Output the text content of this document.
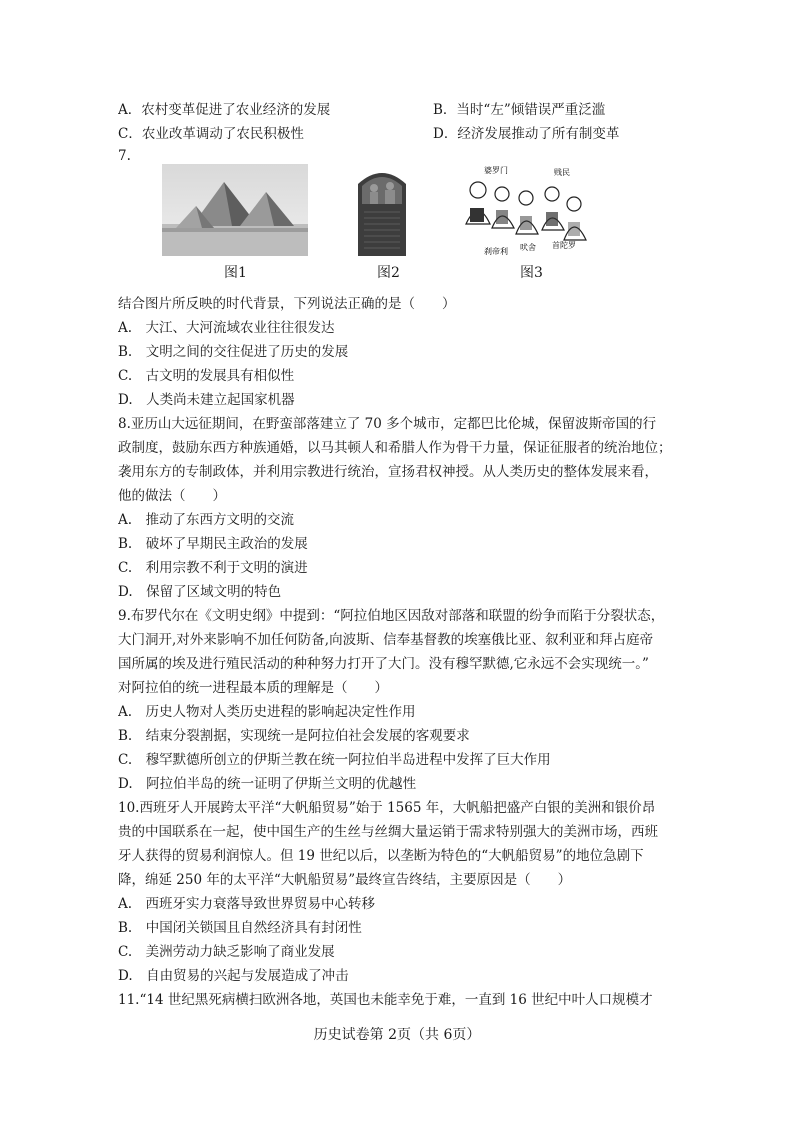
A．农村变革促进了农业经济的发展	B．当时“左”倾错误严重泛滥
C．农业改革调动了农民积极性	D．经济发展推动了所有制变革
7.
婆罗门	贱民
刹帝利 吠舍 首陀罗
图1	图2	图3
结合图片所反映的时代背景，下列说法正确的是（　　）
A.　大江、大河流域农业往往很发达
B.　文明之间的交往促进了历史的发展
C.　古文明的发展具有相似性
D.　人类尚未建立起国家机器
8.亚历山大远征期间，在野蛮部落建立了 70 多个城市，定都巴比伦城，保留波斯帝国的行
政制度，鼓励东西方种族通婚，以马其顿人和希腊人作为骨干力量，保证征服者的统治地位；
袭用东方的专制政体，并利用宗教进行统治，宣扬君权神授。从人类历史的整体发展来看，
他的做法（　　）
A.　推动了东西方文明的交流
B.　破坏了早期民主政治的发展
C.　利用宗教不利于文明的演进
D.　保留了区域文明的特色
9.布罗代尔在《文明史纲》中提到：“阿拉伯地区因敌对部落和联盟的纷争而陷于分裂状态，
大门洞开,对外来影响不加任何防备,向波斯、信奉基督教的埃塞俄比亚、叙利亚和拜占庭帝
国所属的埃及进行殖民活动的种种努力打开了大门。没有穆罕默德,它永远不会实现统一。”
对阿拉伯的统一进程最本质的理解是（　　）
A.　历史人物对人类历史进程的影响起决定性作用
B.　结束分裂割据，实现统一是阿拉伯社会发展的客观要求
C.　穆罕默德所创立的伊斯兰教在统一阿拉伯半岛进程中发挥了巨大作用
D.　阿拉伯半岛的统一证明了伊斯兰文明的优越性
10.西班牙人开展跨太平洋“大帆船贸易”始于 1565 年，大帆船把盛产白银的美洲和银价昂
贵的中国联系在一起，使中国生产的生丝与丝绸大量运销于需求特别强大的美洲市场，西班
牙人获得的贸易利润惊人。但 19 世纪以后，以垄断为特色的“大帆船贸易”的地位急剧下
降，绵延 250 年的太平洋“大帆船贸易”最终宣告终结，主要原因是（　　）
A.　西班牙实力衰落导致世界贸易中心转移
B.　中国闭关锁国且自然经济具有封闭性
C.　美洲劳动力缺乏影响了商业发展
D.　自由贸易的兴起与发展造成了冲击
11.“14 世纪黑死病横扫欧洲各地，英国也未能幸免于难，一直到 16 世纪中叶人口规模才
历史试卷第 2页（共 6页）
